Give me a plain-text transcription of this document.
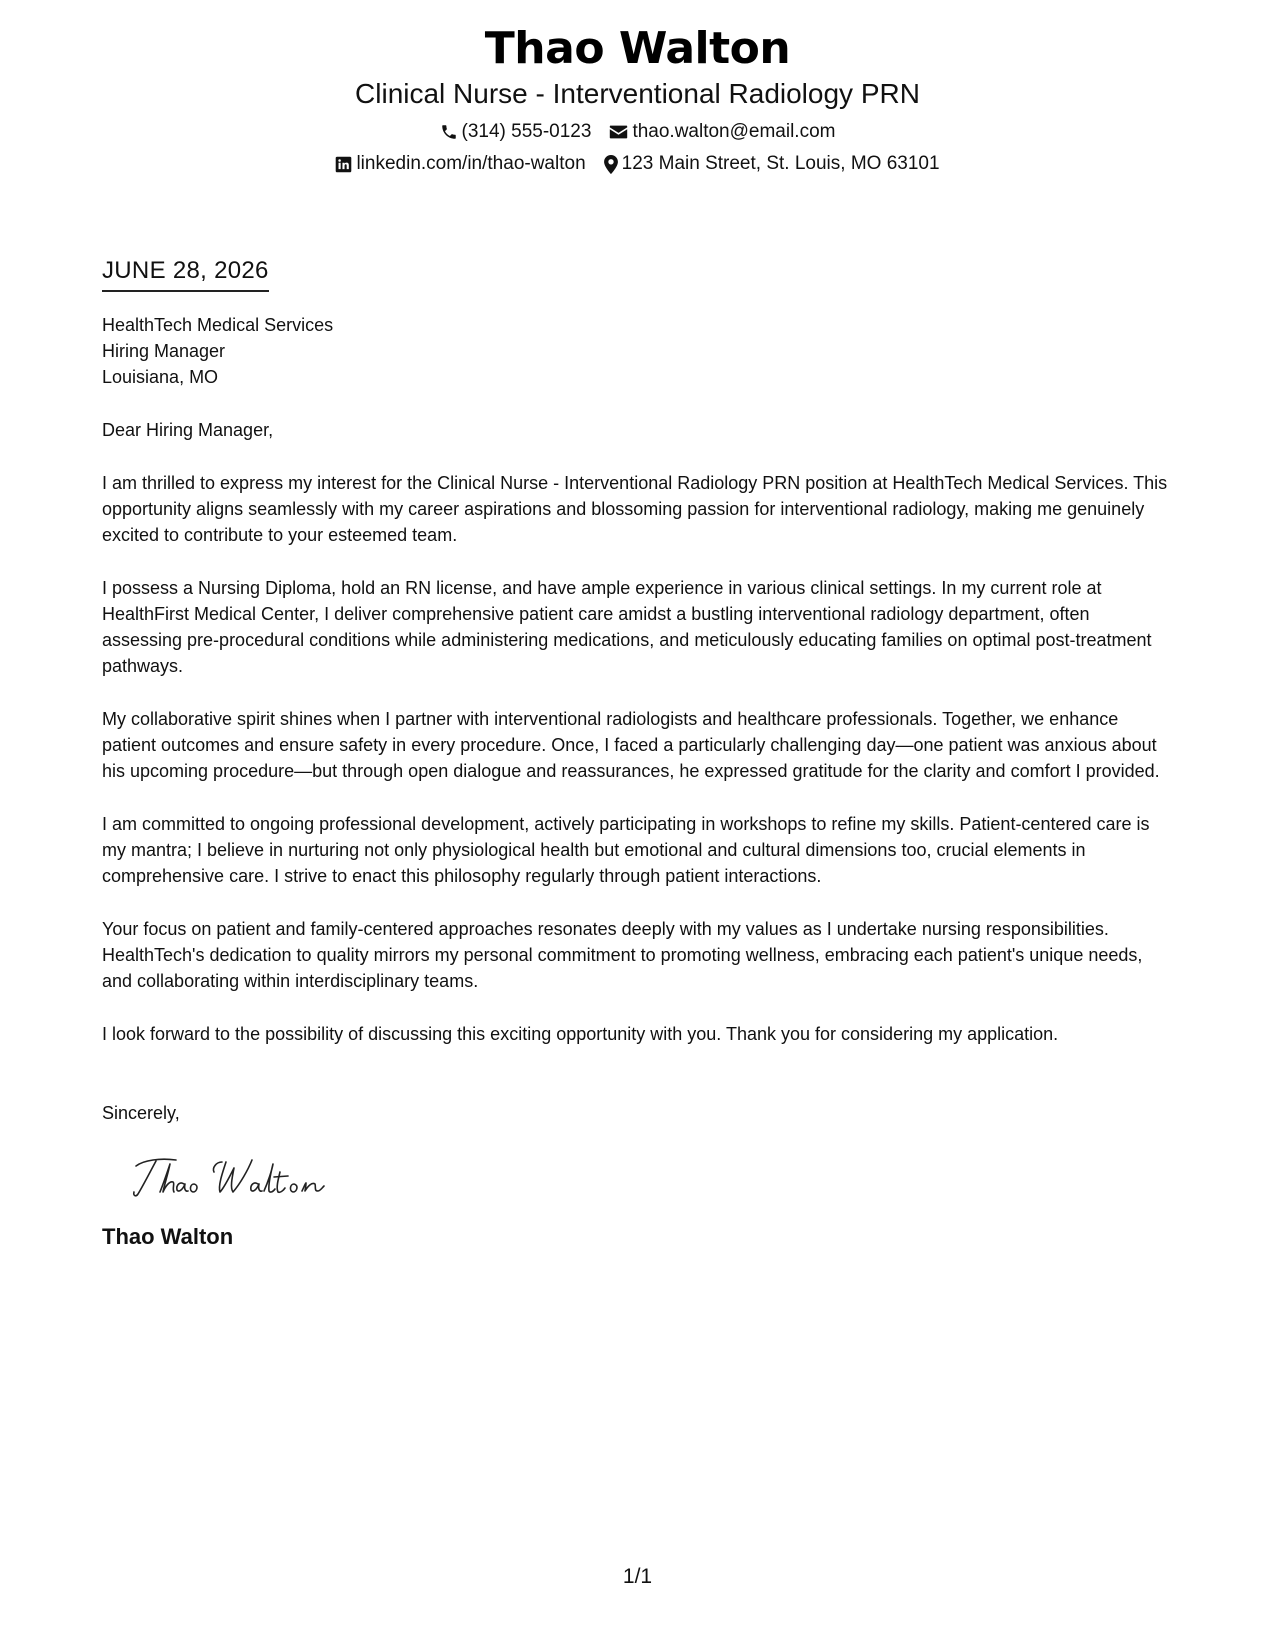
Thao Walton
Clinical Nurse - Interventional Radiology PRN
(314) 555-0123 thao.walton@email.com
linkedin.com/in/thao-walton 123 Main Street, St. Louis, MO 63101
JUNE 28, 2026
HealthTech Medical Services
Hiring Manager
Louisiana, MO
Dear Hiring Manager,

I am thrilled to express my interest for the Clinical Nurse - Interventional Radiology PRN position at HealthTech Medical Services. This opportunity aligns seamlessly with my career aspirations and blossoming passion for interventional radiology, making me genuinely excited to contribute to your esteemed team.

I possess a Nursing Diploma, hold an RN license, and have ample experience in various clinical settings. In my current role at HealthFirst Medical Center, I deliver comprehensive patient care amidst a bustling interventional radiology department, often assessing pre-procedural conditions while administering medications, and meticulously educating families on optimal post-treatment pathways.

My collaborative spirit shines when I partner with interventional radiologists and healthcare professionals. Together, we enhance patient outcomes and ensure safety in every procedure. Once, I faced a particularly challenging day—one patient was anxious about his upcoming procedure—but through open dialogue and reassurances, he expressed gratitude for the clarity and comfort I provided.

I am committed to ongoing professional development, actively participating in workshops to refine my skills. Patient-centered care is my mantra; I believe in nurturing not only physiological health but emotional and cultural dimensions too, crucial elements in comprehensive care. I strive to enact this philosophy regularly through patient interactions.

Your focus on patient and family-centered approaches resonates deeply with my values as I undertake nursing responsibilities. HealthTech's dedication to quality mirrors my personal commitment to promoting wellness, embracing each patient's unique needs, and collaborating within interdisciplinary teams.

I look forward to the possibility of discussing this exciting opportunity with you. Thank you for considering my application.

Sincerely,
Thao Walton
1/1
